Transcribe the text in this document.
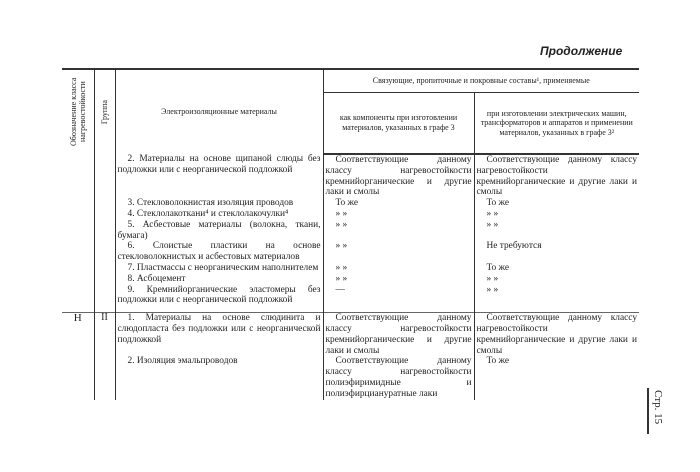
Продолжение
Обозначение класса нагревостойкости	Группа	Электроизоляционные материалы	Связующие, пропиточные и покровные составы¹, применяемые	
			как компоненты при изготовлении материалов, указанных в графе 3	при изготовлении электрических машин, трансформаторов и аппаратов и применении материалов, указанных в графе 3²

		2. Материалы на основе щипаной слюды без подложки или с неорганической подложкой	Соответствующие данному классу нагревостойкости кремнийорганические и другие лаки и смолы	Соответствующие данному классу нагревостойкости кремнийорганические и другие лаки и смолы

		3. Стекловолокнистая изоляция проводов	То же	То же

		4. Стеклолакоткани⁴ и стеклолакочулки⁴	» »	» »

		5. Асбестовые материалы (волокна, ткани, бумага)	» »	» »

		6. Слоистые пластики на основе стекловолокнистых и асбестовых материалов	» »	Не требуются

		7. Пластмассы с неорганическим наполнителем	» »	То же

		8. Асбоцемент	» »	» »

		9. Кремнийорганические эластомеры без подложки или с неорганической подложкой	—	» »

Н	II	1. Материалы на основе слюдинита и слюдопласта без подложки или с неорганической подложкой	Соответствующие данному классу нагревостойкости кремнийорганические и другие лаки и смолы	Соответствующие данному классу нагревостойкости кремнийорганические и другие лаки и смолы

		2. Изоляция эмальпроводов	Соответствующие данному классу нагревостойкости полиэфиримидные и полиэфирциануратные лаки	То же
Стр. 15
